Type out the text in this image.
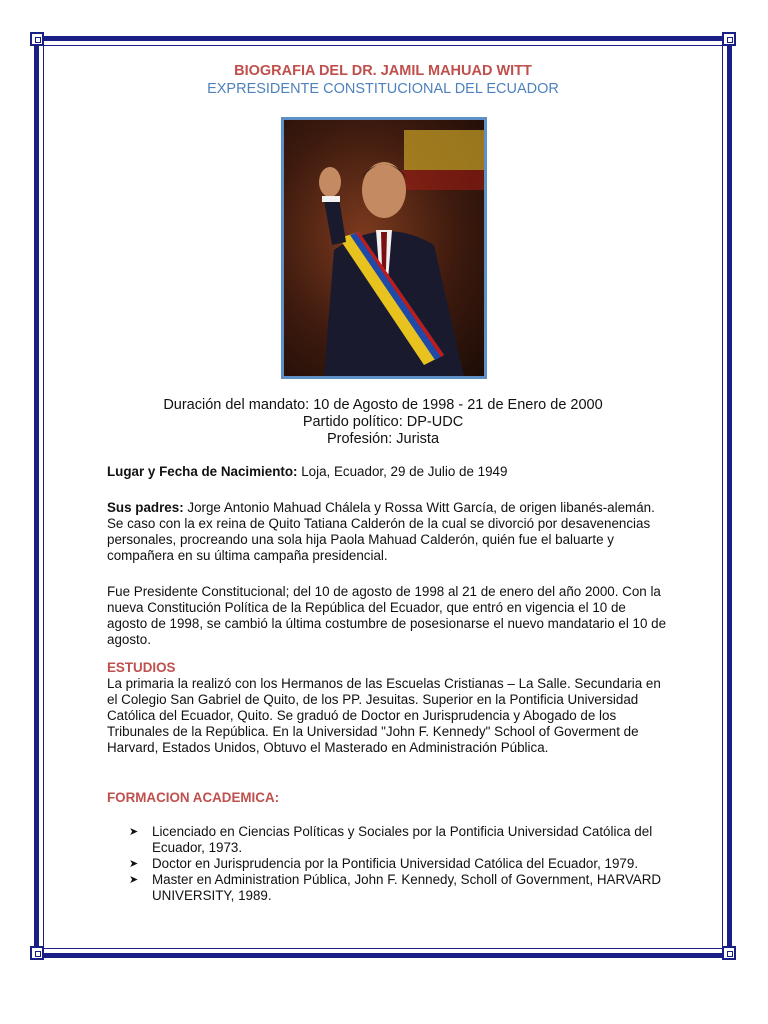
BIOGRAFIA DEL DR. JAMIL MAHUAD WITT
EXPRESIDENTE CONSTITUCIONAL DEL ECUADOR
Duración del mandato: 10 de Agosto de 1998 - 21 de Enero de 2000
Partido político: DP-UDC
Profesión: Jurista
Lugar y Fecha de Nacimiento: Loja, Ecuador, 29 de Julio de 1949
Sus padres: Jorge Antonio Mahuad Chálela y Rossa Witt García, de origen libanés-alemán. Se caso con la ex reina de Quito Tatiana Calderón de la cual se divorció por desavenencias personales, procreando una sola hija Paola Mahuad Calderón, quién fue el baluarte y compañera en su última campaña presidencial.
Fue Presidente Constitucional; del 10 de agosto de 1998 al 21 de enero del año 2000. Con la nueva Constitución Política de la República del Ecuador, que entró en vigencia el 10 de agosto de 1998, se cambió la última costumbre de posesionarse el nuevo mandatario el 10 de agosto.
ESTUDIOS
La primaria la realizó con los Hermanos de las Escuelas Cristianas – La Salle. Secundaria en el Colegio San Gabriel de Quito, de los PP. Jesuitas. Superior en la Pontificia Universidad Católica del Ecuador, Quito. Se graduó de Doctor en Jurisprudencia y Abogado de los Tribunales de la República. En la Universidad "John F. Kennedy" School of Goverment de Harvard, Estados Unidos, Obtuvo el Masterado en Administración Pública.
FORMACION ACADEMICA:
➤ Licenciado en Ciencias Políticas y Sociales por la Pontificia Universidad Católica del Ecuador, 1973.
➤ Doctor en Jurisprudencia por la Pontificia Universidad Católica del Ecuador, 1979.
➤ Master en Administration Pública, John F. Kennedy, Scholl of Government, HARVARD UNIVERSITY, 1989.
